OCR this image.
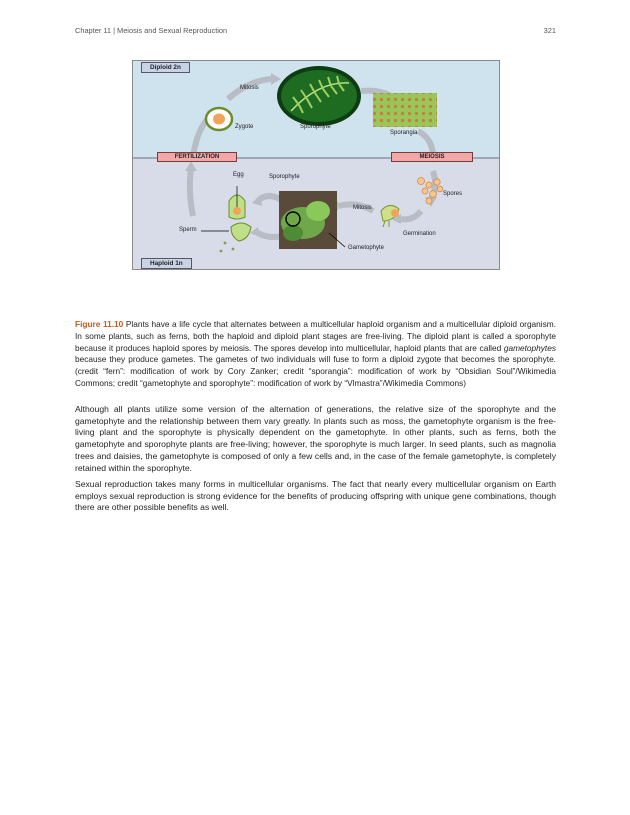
Chapter 11 | Meiosis and Sexual Reproduction	321
Diploid 2n
Haploid 1n
FERTILIZATION	MEIOSIS
Mitosis
Zygote	Sporophyte
Sporangia
Spores
Mitosis
Germination
Gametophyte
Sporophyte
Egg
Sperm

Figure 11.10 Plants have a life cycle that alternates between a multicellular haploid organism and a multicellular diploid organism. In some plants, such as ferns, both the haploid and diploid plant stages are free-living. The diploid plant is called a sporophyte because it produces haploid spores by meiosis. The spores develop into multicellular, haploid plants that are called gametophytes because they produce gametes. The gametes of two individuals will fuse to form a diploid zygote that becomes the sporophyte. (credit “fern”: modification of work by Cory Zanker; credit “sporangia”: modification of work by “Obsidian Soul”/Wikimedia Commons; credit “gametophyte and sporophyte”: modification of work by “Vlmastra”/Wikimedia Commons)

Although all plants utilize some version of the alternation of generations, the relative size of the sporophyte and the gametophyte and the relationship between them vary greatly. In plants such as moss, the gametophyte organism is the free-living plant and the sporophyte is physically dependent on the gametophyte. In other plants, such as ferns, both the gametophyte and sporophyte plants are free-living; however, the sporophyte is much larger. In seed plants, such as magnolia trees and daisies, the gametophyte is composed of only a few cells and, in the case of the female gametophyte, is completely retained within the sporophyte.

Sexual reproduction takes many forms in multicellular organisms. The fact that nearly every multicellular organism on Earth employs sexual reproduction is strong evidence for the benefits of producing offspring with unique gene combinations, though there are other possible benefits as well.
